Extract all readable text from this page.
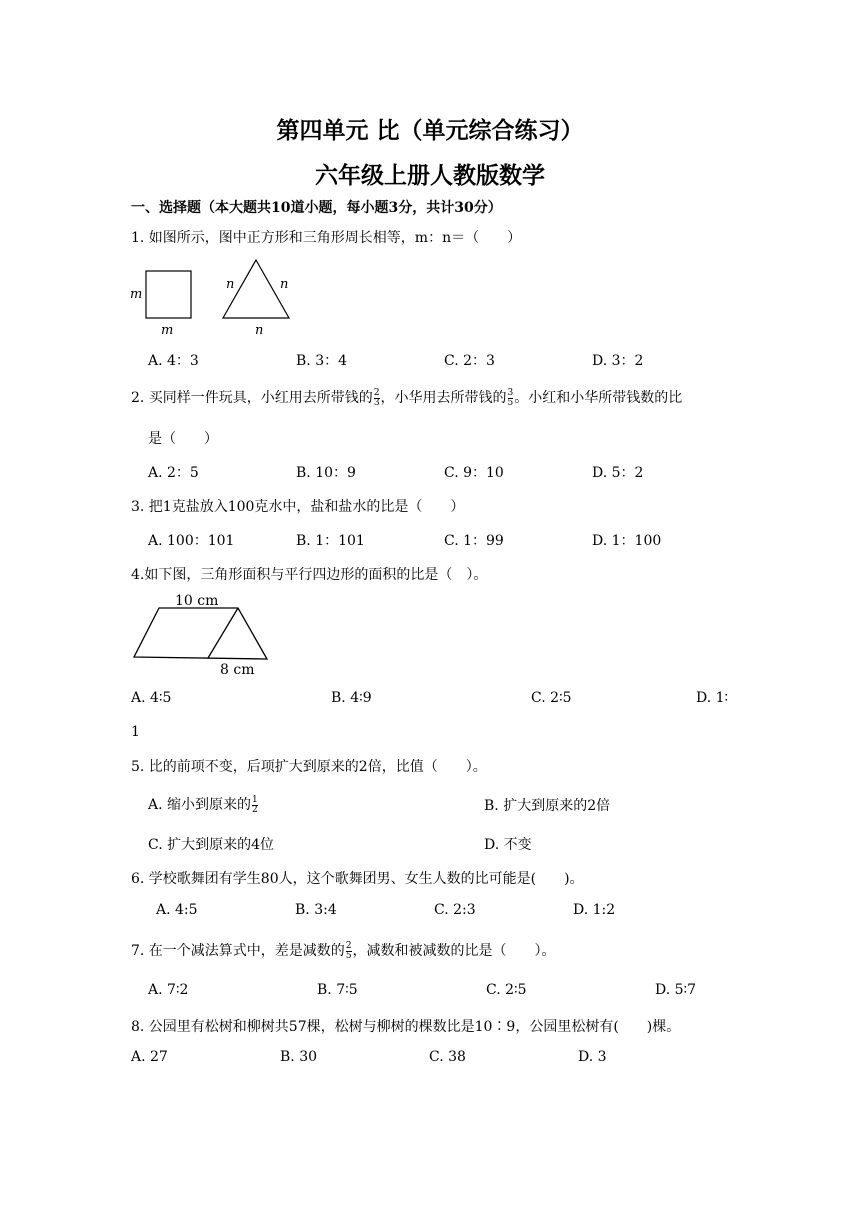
第四单元 比（单元综合练习）
六年级上册人教版数学
一、选择题（本大题共10道小题，每小题3分，共计30分）
1. 如图所示，图中正方形和三角形周长相等，m：n＝（　　）
m
m
n	n
n
A. 4：3	B. 3：4	C. 2：3	D. 3：2
2. 买同样一件玩具，小红用去所带钱的 $\frac{2}{3}$ ，小华用去所带钱的 $\frac{3}{5}$ 。小红和小华所带钱数的比
是（　　）
A. 2：5	B. 10：9	C. 9：10	D. 5：2
3. 把1克盐放入100克水中，盐和盐水的比是（　　）
A. 100：101	B. 1：101	C. 1：99	D. 1：100
4.如下图，三角形面积与平行四边形的面积的比是（　）。
10 cm
8 cm
A. 4∶5	B. 4∶9	C. 2∶5	D. 1∶
1
5. 比的前项不变，后项扩大到原来的2倍，比值（　　）。
A. 缩小到原来的 $\frac{1}{2}$	B. 扩大到原来的2倍
C. 扩大到原来的4位	D. 不变
6. 学校歌舞团有学生80人，这个歌舞团男、女生人数的比可能是(　　)。
A. 4:5	B. 3:4	C. 2:3	D. 1:2
7. 在一个减法算式中，差是减数的 $\frac{2}{5}$ ，减数和被减数的比是（　　）。
A. 7∶2	B. 7∶5	C. 2∶5	D. 5∶7
8. 公园里有松树和柳树共57棵，松树与柳树的棵数比是10∶9，公园里松树有(　　)棵。
A. 27	B. 30	C. 38	D. 3
